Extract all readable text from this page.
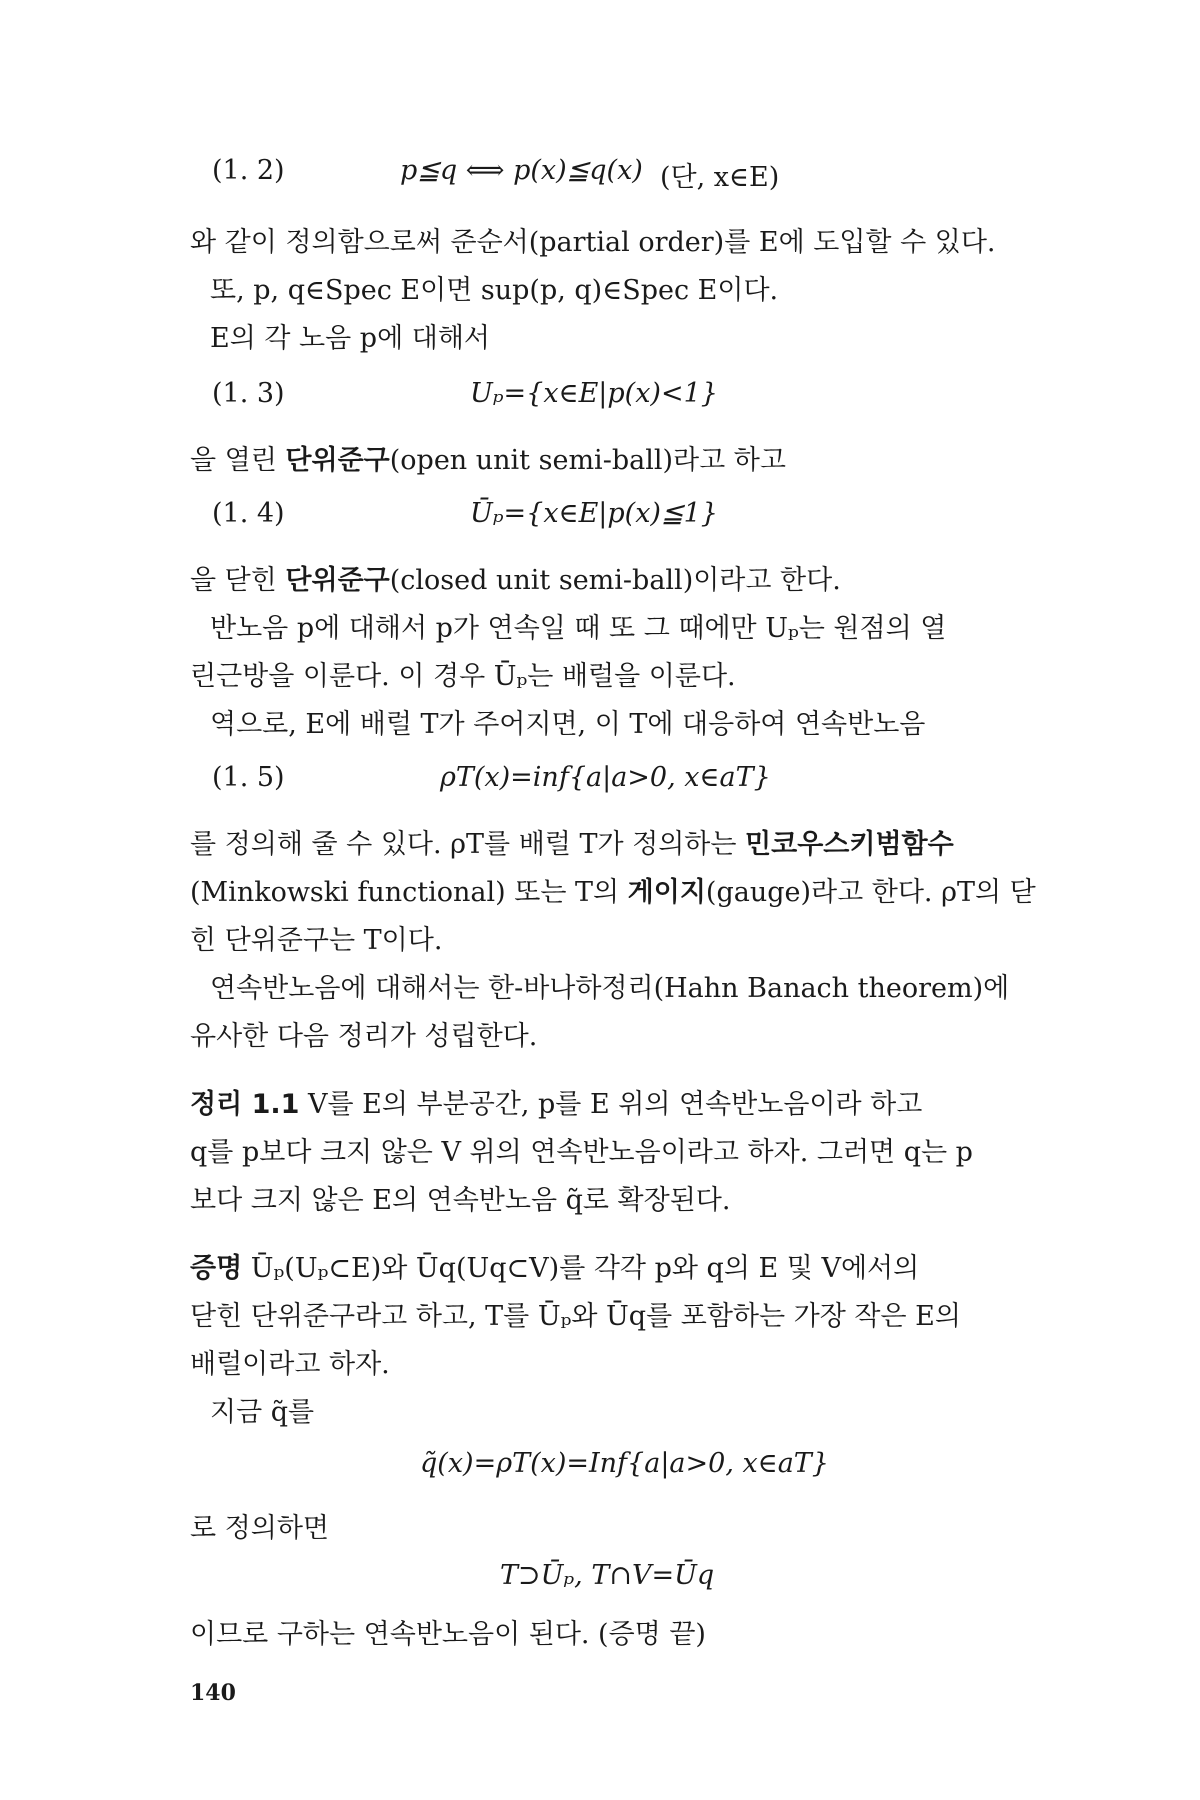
(1. 2)	p≦q ⟺ p(x)≦q(x) (단, x∈E)
와 같이 정의함으로써 준순서(partial order)를 E에 도입할 수 있다.
또, p, q∈Spec E이면 sup(p, q)∈Spec E이다.
E의 각 노음 p에 대해서
(1. 3)	Uₚ={x∈E|p(x)<1}
을 열린 단위준구(open unit semi-ball)라고 하고
(1. 4)	Ūₚ={x∈E|p(x)≦1}
을 닫힌 단위준구(closed unit semi-ball)이라고 한다.
반노음 p에 대해서 p가 연속일 때 또 그 때에만 Uₚ는 원점의 열
린근방을 이룬다. 이 경우 Ūₚ는 배럴을 이룬다.
역으로, E에 배럴 T가 주어지면, 이 T에 대응하여 연속반노음
(1. 5)	ρT(x)=inf{a|a>0, x∈aT}
를 정의해 줄 수 있다. ρT를 배럴 T가 정의하는 민코우스키범함수
(Minkowski functional) 또는 T의 게이지(gauge)라고 한다. ρT의 닫
힌 단위준구는 T이다.
연속반노음에 대해서는 한-바나하정리(Hahn Banach theorem)에
유사한 다음 정리가 성립한다.
정리 1.1 V를 E의 부분공간, p를 E 위의 연속반노음이라 하고
q를 p보다 크지 않은 V 위의 연속반노음이라고 하자. 그러면 q는 p
보다 크지 않은 E의 연속반노음 q̃로 확장된다.
증명 Ūₚ(Uₚ⊂E)와 Ūq(Uq⊂V)를 각각 p와 q의 E 및 V에서의
닫힌 단위준구라고 하고, T를 Ūₚ와 Ūq를 포함하는 가장 작은 E의
배럴이라고 하자.
지금 q̃를
q̃(x)=ρT(x)=Inf{a|a>0, x∈aT}
로 정의하면
T⊃Ūₚ, T∩V=Ūq
이므로 구하는 연속반노음이 된다. (증명 끝)
140
